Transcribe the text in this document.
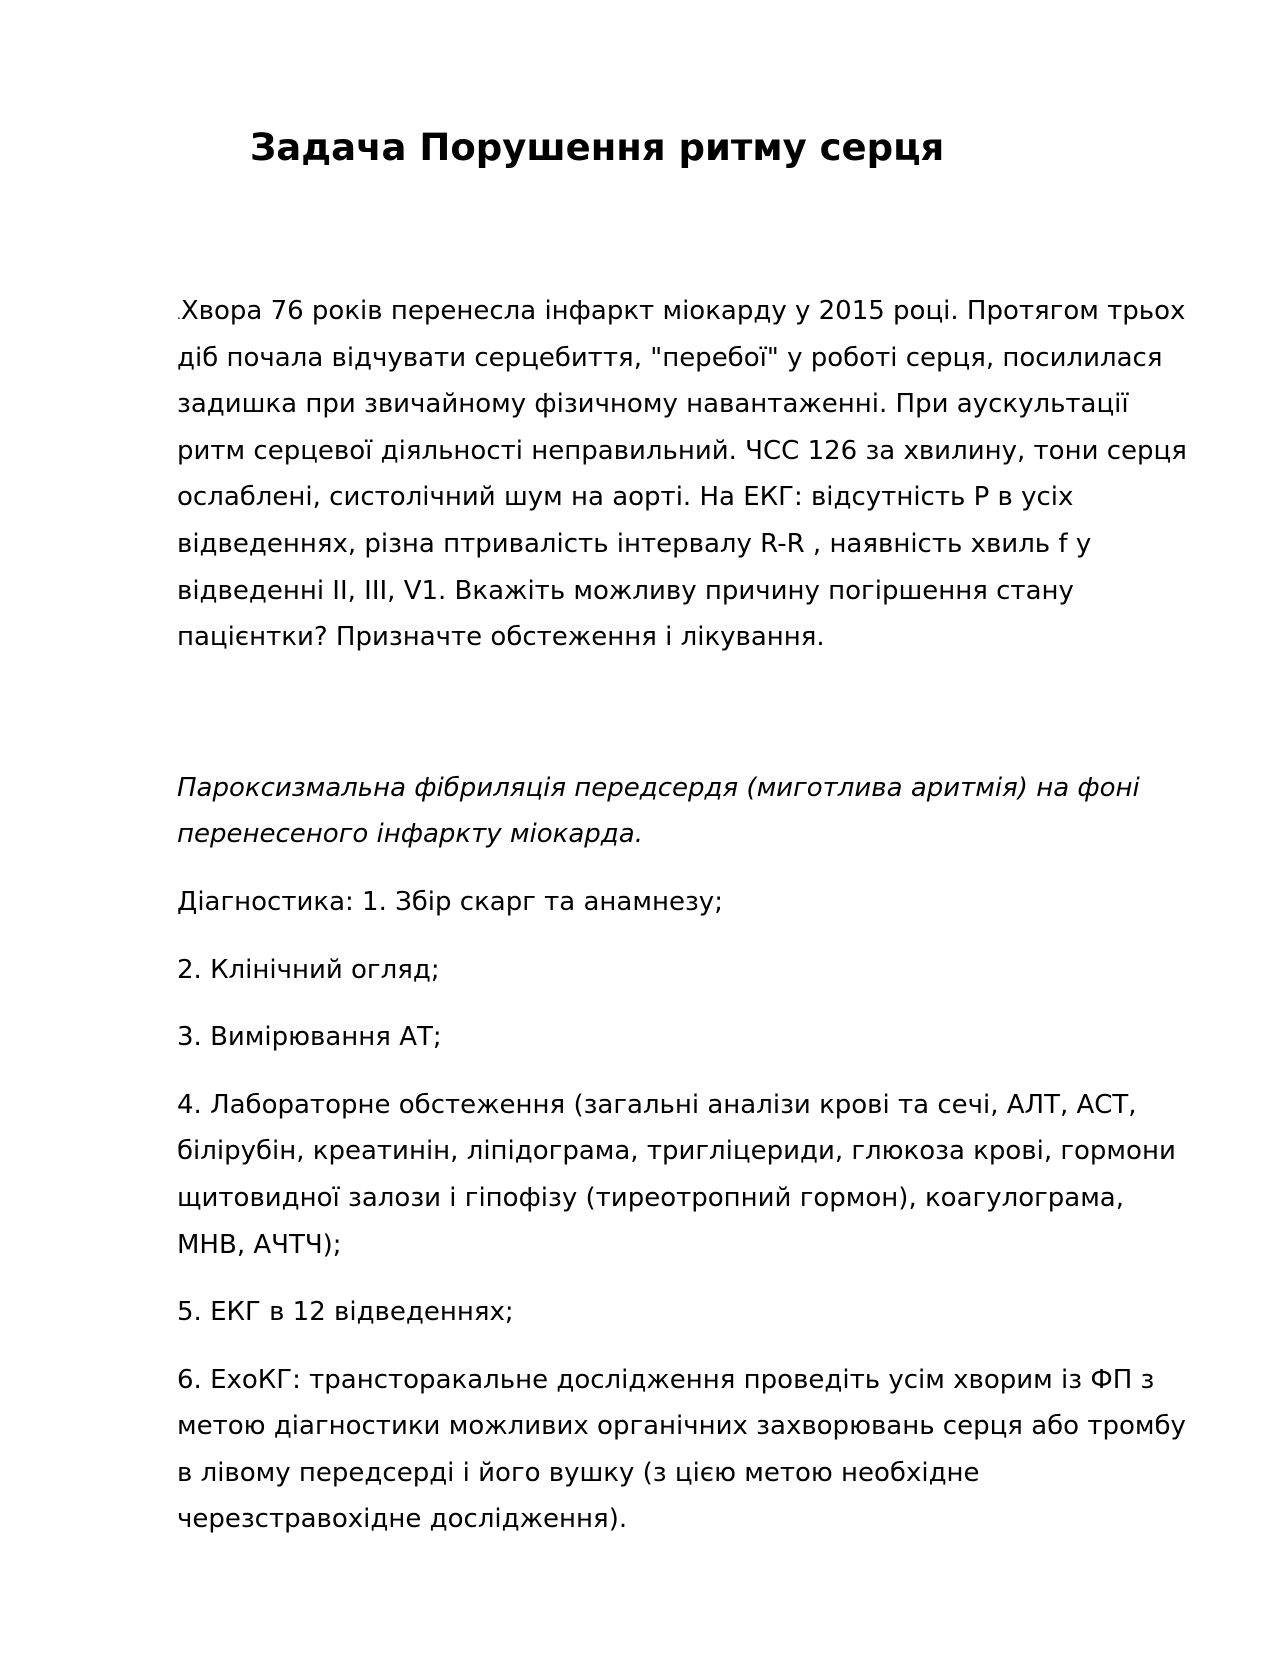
Задача Порушення ритму серця

.Хвора 76 років перенесла інфаркт міокарду у 2015 році. Протягом трьох діб почала відчувати серцебиття, "перебої" у роботі серця, посилилася задишка при звичайному фізичному навантаженні. При аускультації ритм серцевої діяльності неправильний. ЧСС 126 за хвилину, тони серця ослаблені, систолічний шум на аорті. На ЕКГ: відсутність Р в усіх відведеннях, різна птривалість інтервалу R-R , наявність хвиль f у відведенні II, III, V1. Вкажіть можливу причину погіршення стану пацієнтки? Призначте обстеження і лікування.

Пароксизмальна фібриляція передсердя (миготлива аритмія) на фоні перенесеного інфаркту міокарда.

Діагностика: 1. Збір скарг та анамнезу;

2. Клінічний огляд;

3. Вимірювання АТ;

4. Лабораторне обстеження (загальні аналізи крові та сечі, АЛТ, АСТ, білірубін, креатинін, ліпідограма, тригліцериди, глюкоза крові, гормони щитовидної залози і гіпофізу (тиреотропний гормон), коагулограма, МНВ, АЧТЧ);

5. ЕКГ в 12 відведеннях;

6. ЕхоКГ: трансторакальне дослідження проведіть усім хворим із ФП з метою діагностики можливих органічних захворювань серця або тромбу в лівому передсерді і його вушку (з цією метою необхідне черезстравохідне дослідження).
